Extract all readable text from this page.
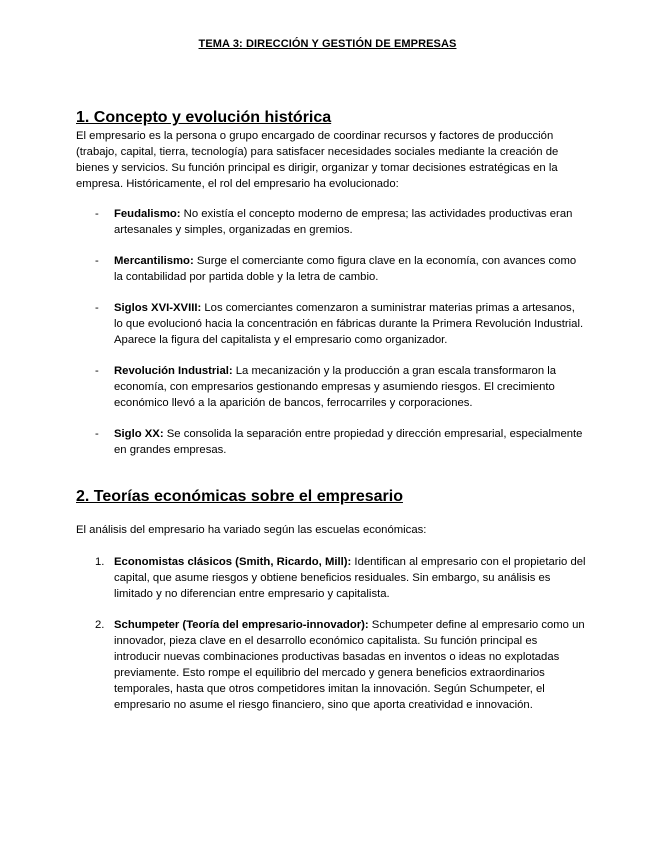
TEMA 3: DIRECCIÓN Y GESTIÓN DE EMPRESAS
1. Concepto y evolución histórica

El empresario es la persona o grupo encargado de coordinar recursos y factores de producción (trabajo, capital, tierra, tecnología) para satisfacer necesidades sociales mediante la creación de bienes y servicios. Su función principal es dirigir, organizar y tomar decisiones estratégicas en la empresa. Históricamente, el rol del empresario ha evolucionado:

- Feudalismo: No existía el concepto moderno de empresa; las actividades productivas eran artesanales y simples, organizadas en gremios.
- Mercantilismo: Surge el comerciante como figura clave en la economía, con avances como la contabilidad por partida doble y la letra de cambio.
- Siglos XVI-XVIII: Los comerciantes comenzaron a suministrar materias primas a artesanos, lo que evolucionó hacia la concentración en fábricas durante la Primera Revolución Industrial. Aparece la figura del capitalista y el empresario como organizador.
- Revolución Industrial: La mecanización y la producción a gran escala transformaron la economía, con empresarios gestionando empresas y asumiendo riesgos. El crecimiento económico llevó a la aparición de bancos, ferrocarriles y corporaciones.
- Siglo XX: Se consolida la separación entre propiedad y dirección empresarial, especialmente en grandes empresas.
2. Teorías económicas sobre el empresario

El análisis del empresario ha variado según las escuelas económicas:

1. Economistas clásicos (Smith, Ricardo, Mill): Identifican al empresario con el propietario del capital, que asume riesgos y obtiene beneficios residuales. Sin embargo, su análisis es limitado y no diferencian entre empresario y capitalista.
2. Schumpeter (Teoría del empresario-innovador): Schumpeter define al empresario como un innovador, pieza clave en el desarrollo económico capitalista. Su función principal es introducir nuevas combinaciones productivas basadas en inventos o ideas no explotadas previamente. Esto rompe el equilibrio del mercado y genera beneficios extraordinarios temporales, hasta que otros competidores imitan la innovación. Según Schumpeter, el empresario no asume el riesgo financiero, sino que aporta creatividad e innovación.
